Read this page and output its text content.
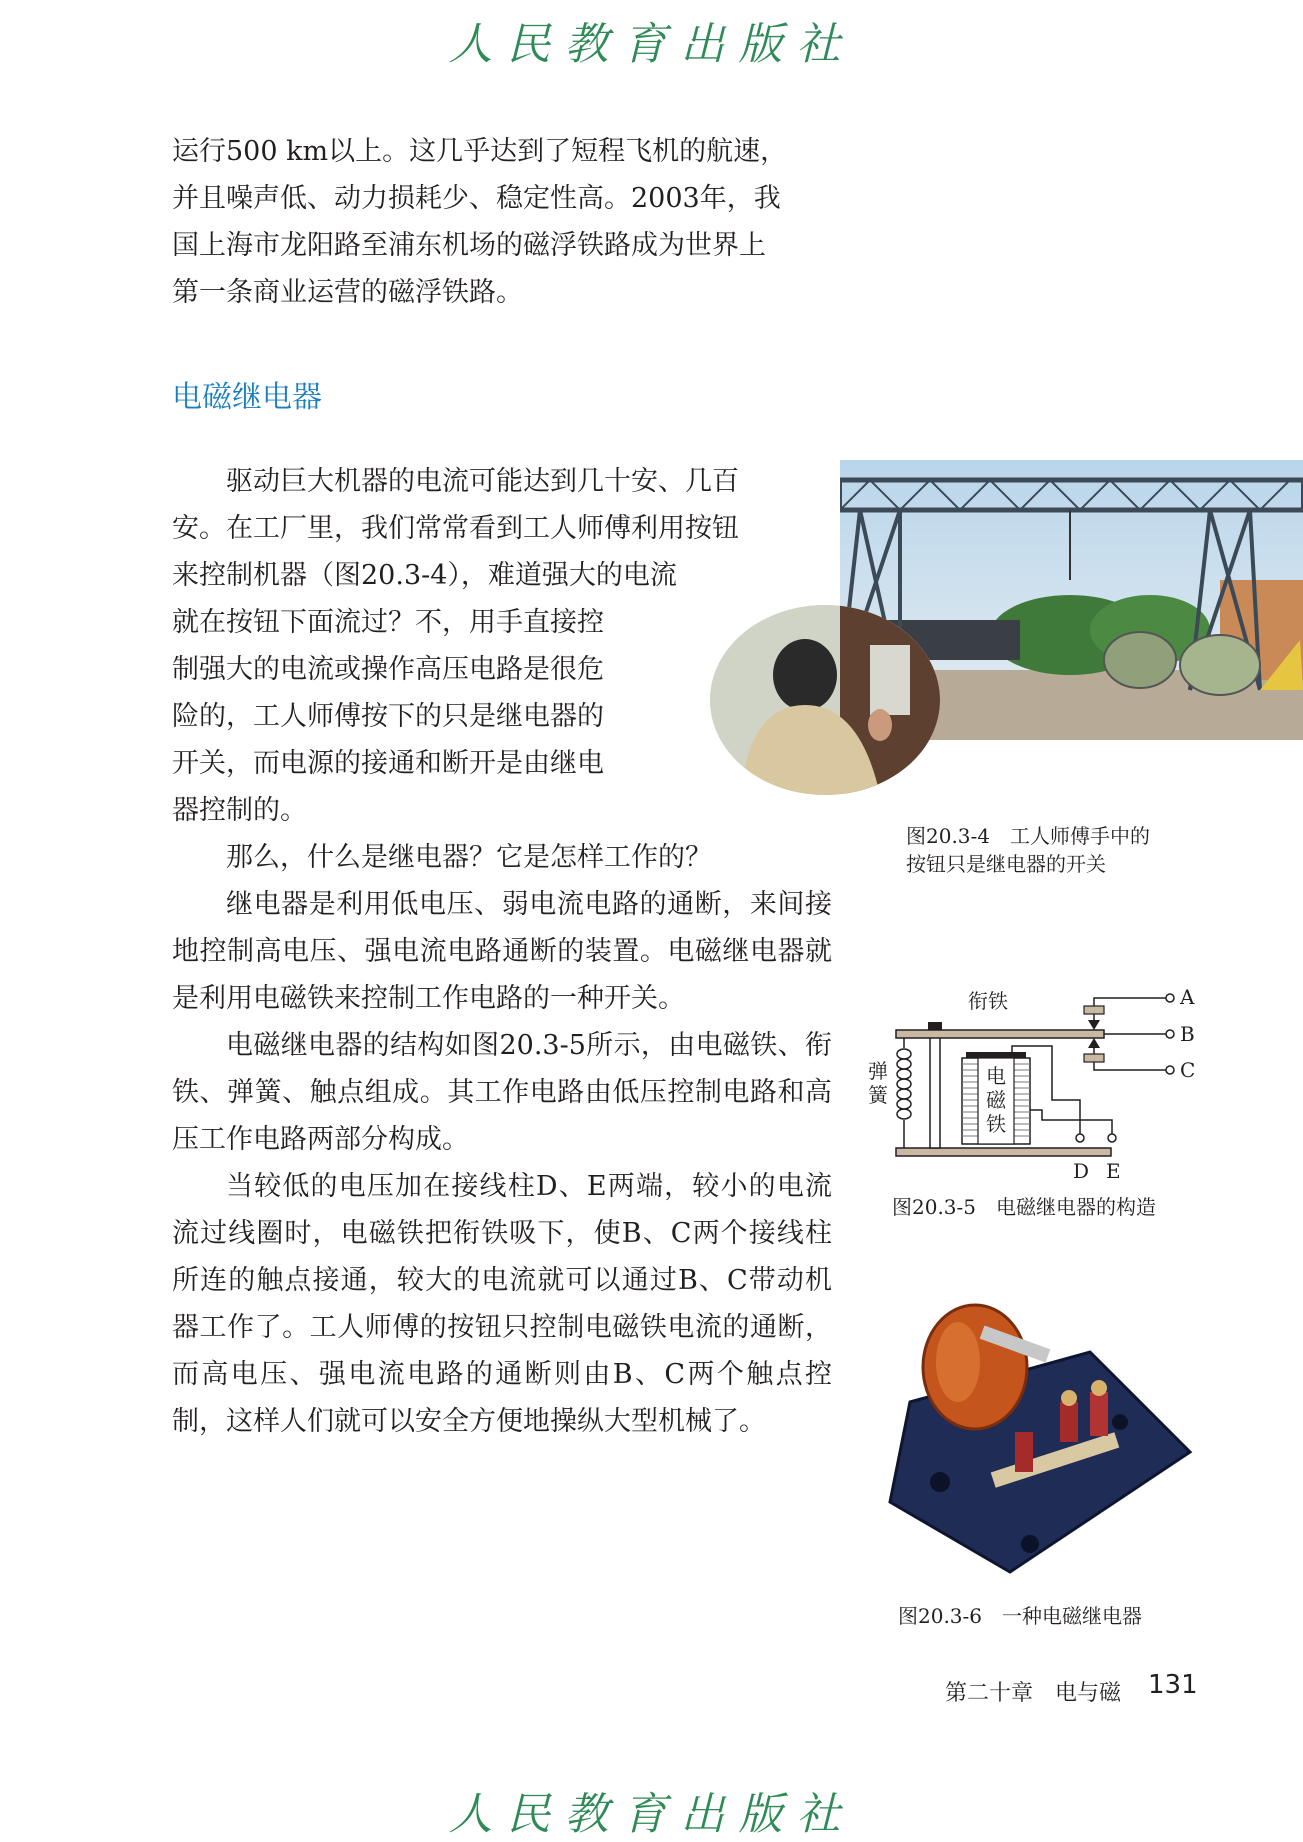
人民教育出版社
运行500 km以上。这几乎达到了短程飞机的航速，
并且噪声低、动力损耗少、稳定性高。2003年，我
国上海市龙阳路至浦东机场的磁浮铁路成为世界上
第一条商业运营的磁浮铁路。
电磁继电器
驱动巨大机器的电流可能达到几十安、几百
安。在工厂里，我们常常看到工人师傅利用按钮
来控制机器（图20.3-4），难道强大的电流
就在按钮下面流过？不，用手直接控
制强大的电流或操作高压电路是很危
险的，工人师傅按下的只是继电器的
开关，而电源的接通和断开是由继电
器控制的。

那么，什么是继电器？它是怎样工作的？

继电器是利用低电压、弱电流电路的通断，来间接地控制高电压、强电流电路通断的装置。电磁继电器就是利用电磁铁来控制工作电路的一种开关。

电磁继电器的结构如图20.3-5所示，由电磁铁、衔铁、弹簧、触点组成。其工作电路由低压控制电路和高压工作电路两部分构成。

当较低的电压加在接线柱D、E两端，较小的电流流过线圈时，电磁铁把衔铁吸下，使B、C两个接线柱所连的触点接通，较大的电流就可以通过B、C带动机器工作了。工人师傅的按钮只控制电磁铁电流的通断，而高电压、强电流电路的通断则由B、C两个触点控制，这样人们就可以安全方便地操纵大型机械了。

图20.3-4　工人师傅手中的
按钮只是继电器的开关
衔铁	A
B
C
D E
弹
簧
电
磁
铁
图20.3-5　电磁继电器的构造
图20.3-6　一种电磁继电器
第二十章　电与磁 131
人民教育出版社
